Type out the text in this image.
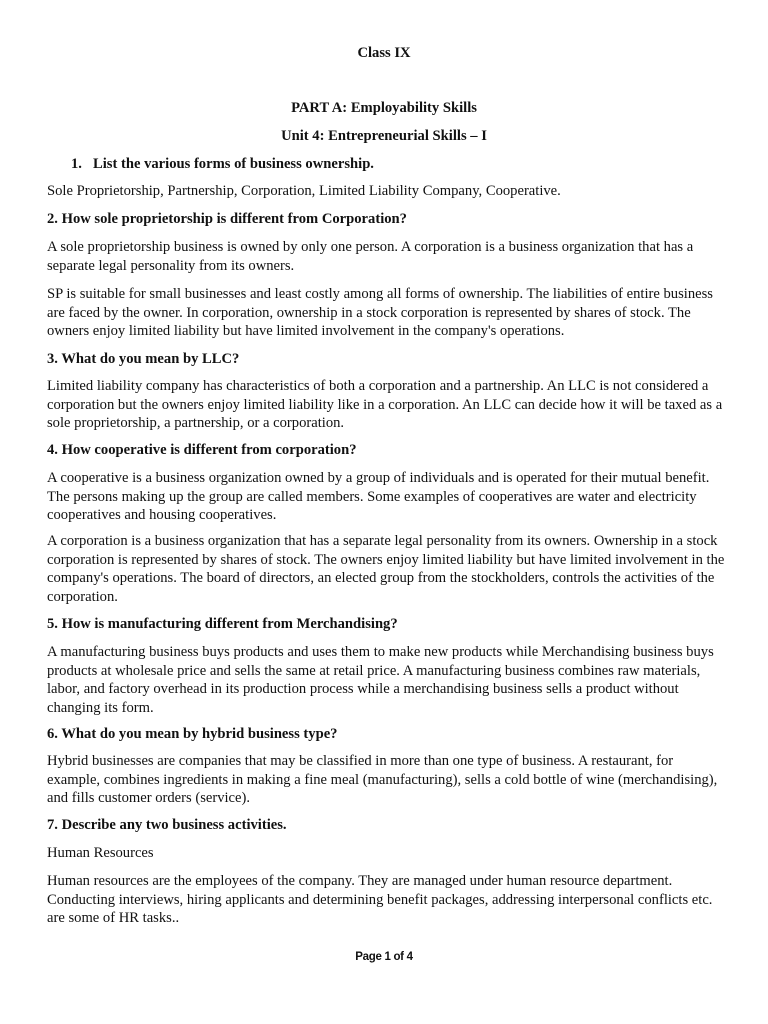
Class IX
PART A: Employability Skills
Unit 4: Entrepreneurial Skills – I
1. List the various forms of business ownership.
Sole Proprietorship, Partnership, Corporation, Limited Liability Company, Cooperative.
2. How sole proprietorship is different from Corporation?
A sole proprietorship business is owned by only one person. A corporation is a business organization that has a separate legal personality from its owners.
SP is suitable for small businesses and least costly among all forms of ownership. The liabilities of entire business are faced by the owner. In corporation, ownership in a stock corporation is represented by shares of stock. The owners enjoy limited liability but have limited involvement in the company's operations.
3. What do you mean by LLC?
Limited liability company has characteristics of both a corporation and a partnership. An LLC is not considered a corporation but the owners enjoy limited liability like in a corporation. An LLC can decide how it will be taxed as a sole proprietorship, a partnership, or a corporation.
4. How cooperative is different from corporation?
A cooperative is a business organization owned by a group of individuals and is operated for their mutual benefit. The persons making up the group are called members. Some examples of cooperatives are water and electricity cooperatives and housing cooperatives.
A corporation is a business organization that has a separate legal personality from its owners. Ownership in a stock corporation is represented by shares of stock. The owners enjoy limited liability but have limited involvement in the company's operations. The board of directors, an elected group from the stockholders, controls the activities of the corporation.
5. How is manufacturing different from Merchandising?
A manufacturing business buys products and uses them to make new products while Merchandising business buys products at wholesale price and sells the same at retail price. A manufacturing business combines raw materials, labor, and factory overhead in its production process while a merchandising business sells a product without changing its form.
6. What do you mean by hybrid business type?
Hybrid businesses are companies that may be classified in more than one type of business. A restaurant, for example, combines ingredients in making a fine meal (manufacturing), sells a cold bottle of wine (merchandising), and fills customer orders (service).
7. Describe any two business activities.
Human Resources
Human resources are the employees of the company. They are managed under human resource department. Conducting interviews, hiring applicants and determining benefit packages, addressing interpersonal conflicts etc. are some of HR tasks..
Page 1 of 4
